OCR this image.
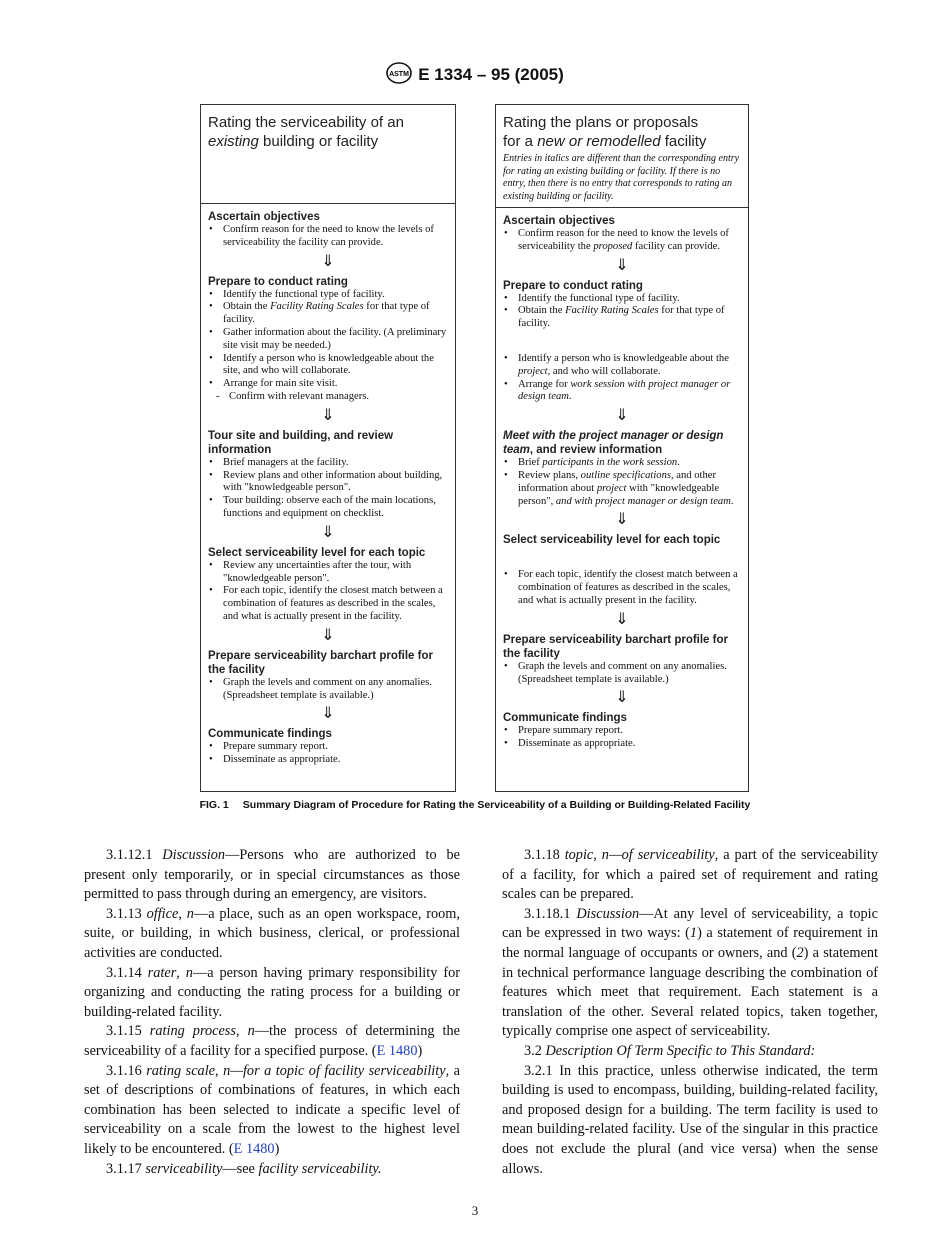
ASTM E 1334 – 95 (2005)
Rating the serviceability of an
existing building or facility
Ascertain objectives
• Confirm reason for the need to know the levels of serviceability the facility can provide.
⇓
Prepare to conduct rating
• Identify the functional type of facility.
• Obtain the Facility Rating Scales for that type of facility.
• Gather information about the facility. (A preliminary site visit may be needed.)
• Identify a person who is knowledgeable about the site, and who will collaborate.
• Arrange for main site visit.
- Confirm with relevant managers.
⇓
Tour site and building, and review information
• Brief managers at the facility.
• Review plans and other information about building, with "knowledgeable person".
• Tour building: observe each of the main locations, functions and equipment on checklist.
⇓
Select serviceability level for each topic
• Review any uncertainties after the tour, with "knowledgeable person".
• For each topic, identify the closest match between a combination of features as described in the scales, and what is actually present in the facility.
⇓
Prepare serviceability barchart profile for the facility
• Graph the levels and comment on any anomalies. (Spreadsheet template is available.)
⇓
Communicate findings
• Prepare summary report.
• Disseminate as appropriate.
Rating the plans or proposals
for a new or remodelled facility
Entries in italics are different than the corresponding entry for rating an existing building or facility. If there is no entry, then there is no entry that corresponds to rating an existing building or facility.
Ascertain objectives
• Confirm reason for the need to know the levels of serviceability the proposed facility can provide.
⇓
Prepare to conduct rating
• Identify the functional type of facility.
• Obtain the Facility Rating Scales for that type of facility.
• Identify a person who is knowledgeable about the project, and who will collaborate.
• Arrange for work session with project manager or design team.
⇓
Meet with the project manager or design team, and review information
• Brief participants in the work session.
• Review plans, outline specifications, and other information about project with "knowledgeable person", and with project manager or design team.
⇓
Select serviceability level for each topic
• For each topic, identify the closest match between a combination of features as described in the scales, and what is actually present in the facility.
⇓
Prepare serviceability barchart profile for the facility
• Graph the levels and comment on any anomalies. (Spreadsheet template is available.)
⇓
Communicate findings
• Prepare summary report.
• Disseminate as appropriate.
FIG. 1 Summary Diagram of Procedure for Rating the Serviceability of a Building or Building-Related Facility

3.1.12.1 Discussion—Persons who are authorized to be present only temporarily, or in special circumstances as those permitted to pass through during an emergency, are visitors.

3.1.13 office, n—a place, such as an open workspace, room, suite, or building, in which business, clerical, or professional activities are conducted.

3.1.14 rater, n—a person having primary responsibility for organizing and conducting the rating process for a building or building-related facility.

3.1.15 rating process, n—the process of determining the serviceability of a facility for a specified purpose. (E 1480)

3.1.16 rating scale, n—for a topic of facility serviceability, a set of descriptions of combinations of features, in which each combination has been selected to indicate a specific level of serviceability on a scale from the lowest to the highest level likely to be encountered. (E 1480)

3.1.17 serviceability—see facility serviceability.

3.1.18 topic, n—of serviceability, a part of the serviceability of a facility, for which a paired set of requirement and rating scales can be prepared.

3.1.18.1 Discussion—At any level of serviceability, a topic can be expressed in two ways: (1) a statement of requirement in the normal language of occupants or owners, and (2) a statement in technical performance language describing the combination of features which meet that requirement. Each statement is a translation of the other. Several related topics, taken together, typically comprise one aspect of serviceability.

3.2 Description Of Term Specific to This Standard:

3.2.1 In this practice, unless otherwise indicated, the term building is used to encompass, building, building-related facility, and proposed design for a building. The term facility is used to mean building-related facility. Use of the singular in this practice does not exclude the plural (and vice versa) when the sense allows.

3
